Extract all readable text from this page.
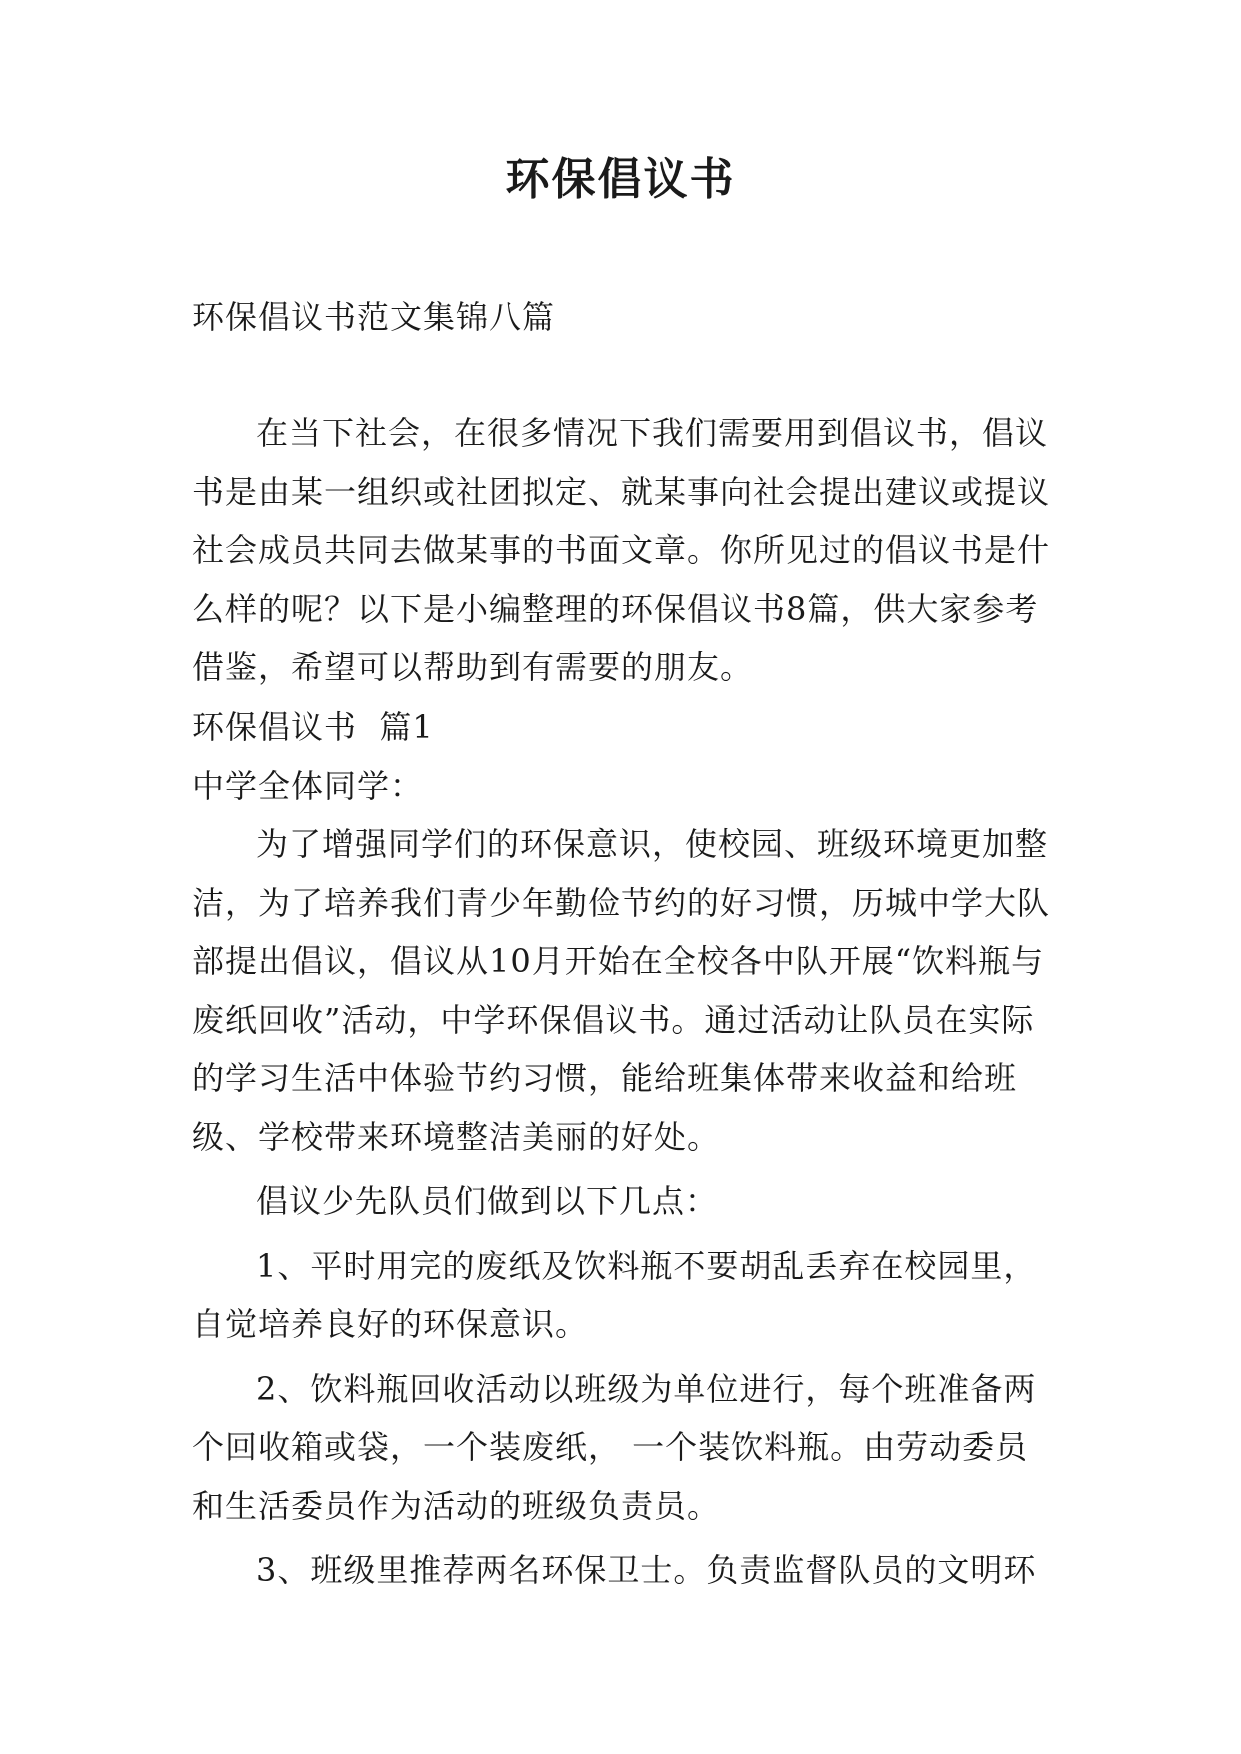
环保倡议书
环保倡议书范文集锦八篇

在当下社会，在很多情况下我们需要用到倡议书，倡议书是由某一组织或社团拟定、就某事向社会提出建议或提议社会成员共同去做某事的书面文章。你所见过的倡议书是什么样的呢？以下是小编整理的环保倡议书8篇，供大家参考借鉴，希望可以帮助到有需要的朋友。

环保倡议书  篇1

中学全体同学：

为了增强同学们的环保意识，使校园、班级环境更加整洁，为了培养我们青少年勤俭节约的好习惯，历城中学大队部提出倡议，倡议从10月开始在全校各中队开展“饮料瓶与废纸回收”活动，中学环保倡议书。通过活动让队员在实际的学习生活中体验节约习惯，能给班集体带来收益和给班级、学校带来环境整洁美丽的好处。

倡议少先队员们做到以下几点：

1、平时用完的废纸及饮料瓶不要胡乱丢弃在校园里，自觉培养良好的环保意识。

2、饮料瓶回收活动以班级为单位进行，每个班准备两个回收箱或袋，一个装废纸， 一个装饮料瓶。由劳动委员和生活委员作为活动的班级负责员。

3、班级里推荐两名环保卫士。负责监督队员的文明环
